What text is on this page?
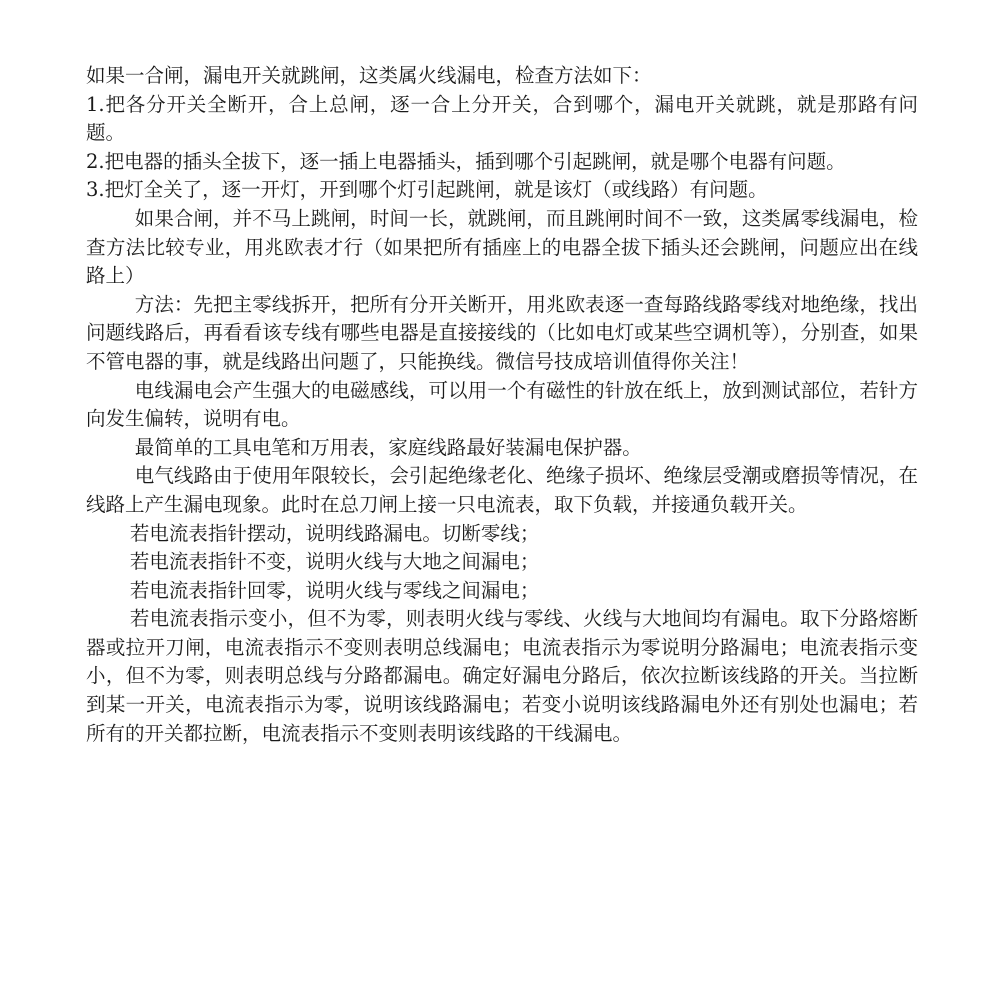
如果一合闸，漏电开关就跳闸，这类属火线漏电，检查方法如下：

1.把各分开关全断开，合上总闸，逐一合上分开关，合到哪个，漏电开关就跳，就是那路有问题。

2.把电器的插头全拔下，逐一插上电器插头，插到哪个引起跳闸，就是哪个电器有问题。

3.把灯全关了，逐一开灯，开到哪个灯引起跳闸，就是该灯（或线路）有问题。

如果合闸，并不马上跳闸，时间一长，就跳闸，而且跳闸时间不一致，这类属零线漏电，检查方法比较专业，用兆欧表才行（如果把所有插座上的电器全拔下插头还会跳闸，问题应出在线路上）

方法：先把主零线拆开，把所有分开关断开，用兆欧表逐一查每路线路零线对地绝缘，找出问题线路后，再看看该专线有哪些电器是直接接线的（比如电灯或某些空调机等），分别查，如果不管电器的事，就是线路出问题了，只能换线。微信号技成培训值得你关注！

电线漏电会产生强大的电磁感线，可以用一个有磁性的针放在纸上，放到测试部位，若针方向发生偏转，说明有电。

最简单的工具电笔和万用表，家庭线路最好装漏电保护器。

电气线路由于使用年限较长，会引起绝缘老化、绝缘子损坏、绝缘层受潮或磨损等情况，在线路上产生漏电现象。此时在总刀闸上接一只电流表，取下负载，并接通负载开关。

若电流表指针摆动，说明线路漏电。切断零线；

若电流表指针不变，说明火线与大地之间漏电；

若电流表指针回零，说明火线与零线之间漏电；

若电流表指示变小，但不为零，则表明火线与零线、火线与大地间均有漏电。取下分路熔断器或拉开刀闸，电流表指示不变则表明总线漏电；电流表指示为零说明分路漏电；电流表指示变小，但不为零，则表明总线与分路都漏电。确定好漏电分路后，依次拉断该线路的开关。当拉断到某一开关，电流表指示为零，说明该线路漏电；若变小说明该线路漏电外还有别处也漏电；若所有的开关都拉断，电流表指示不变则表明该线路的干线漏电。
